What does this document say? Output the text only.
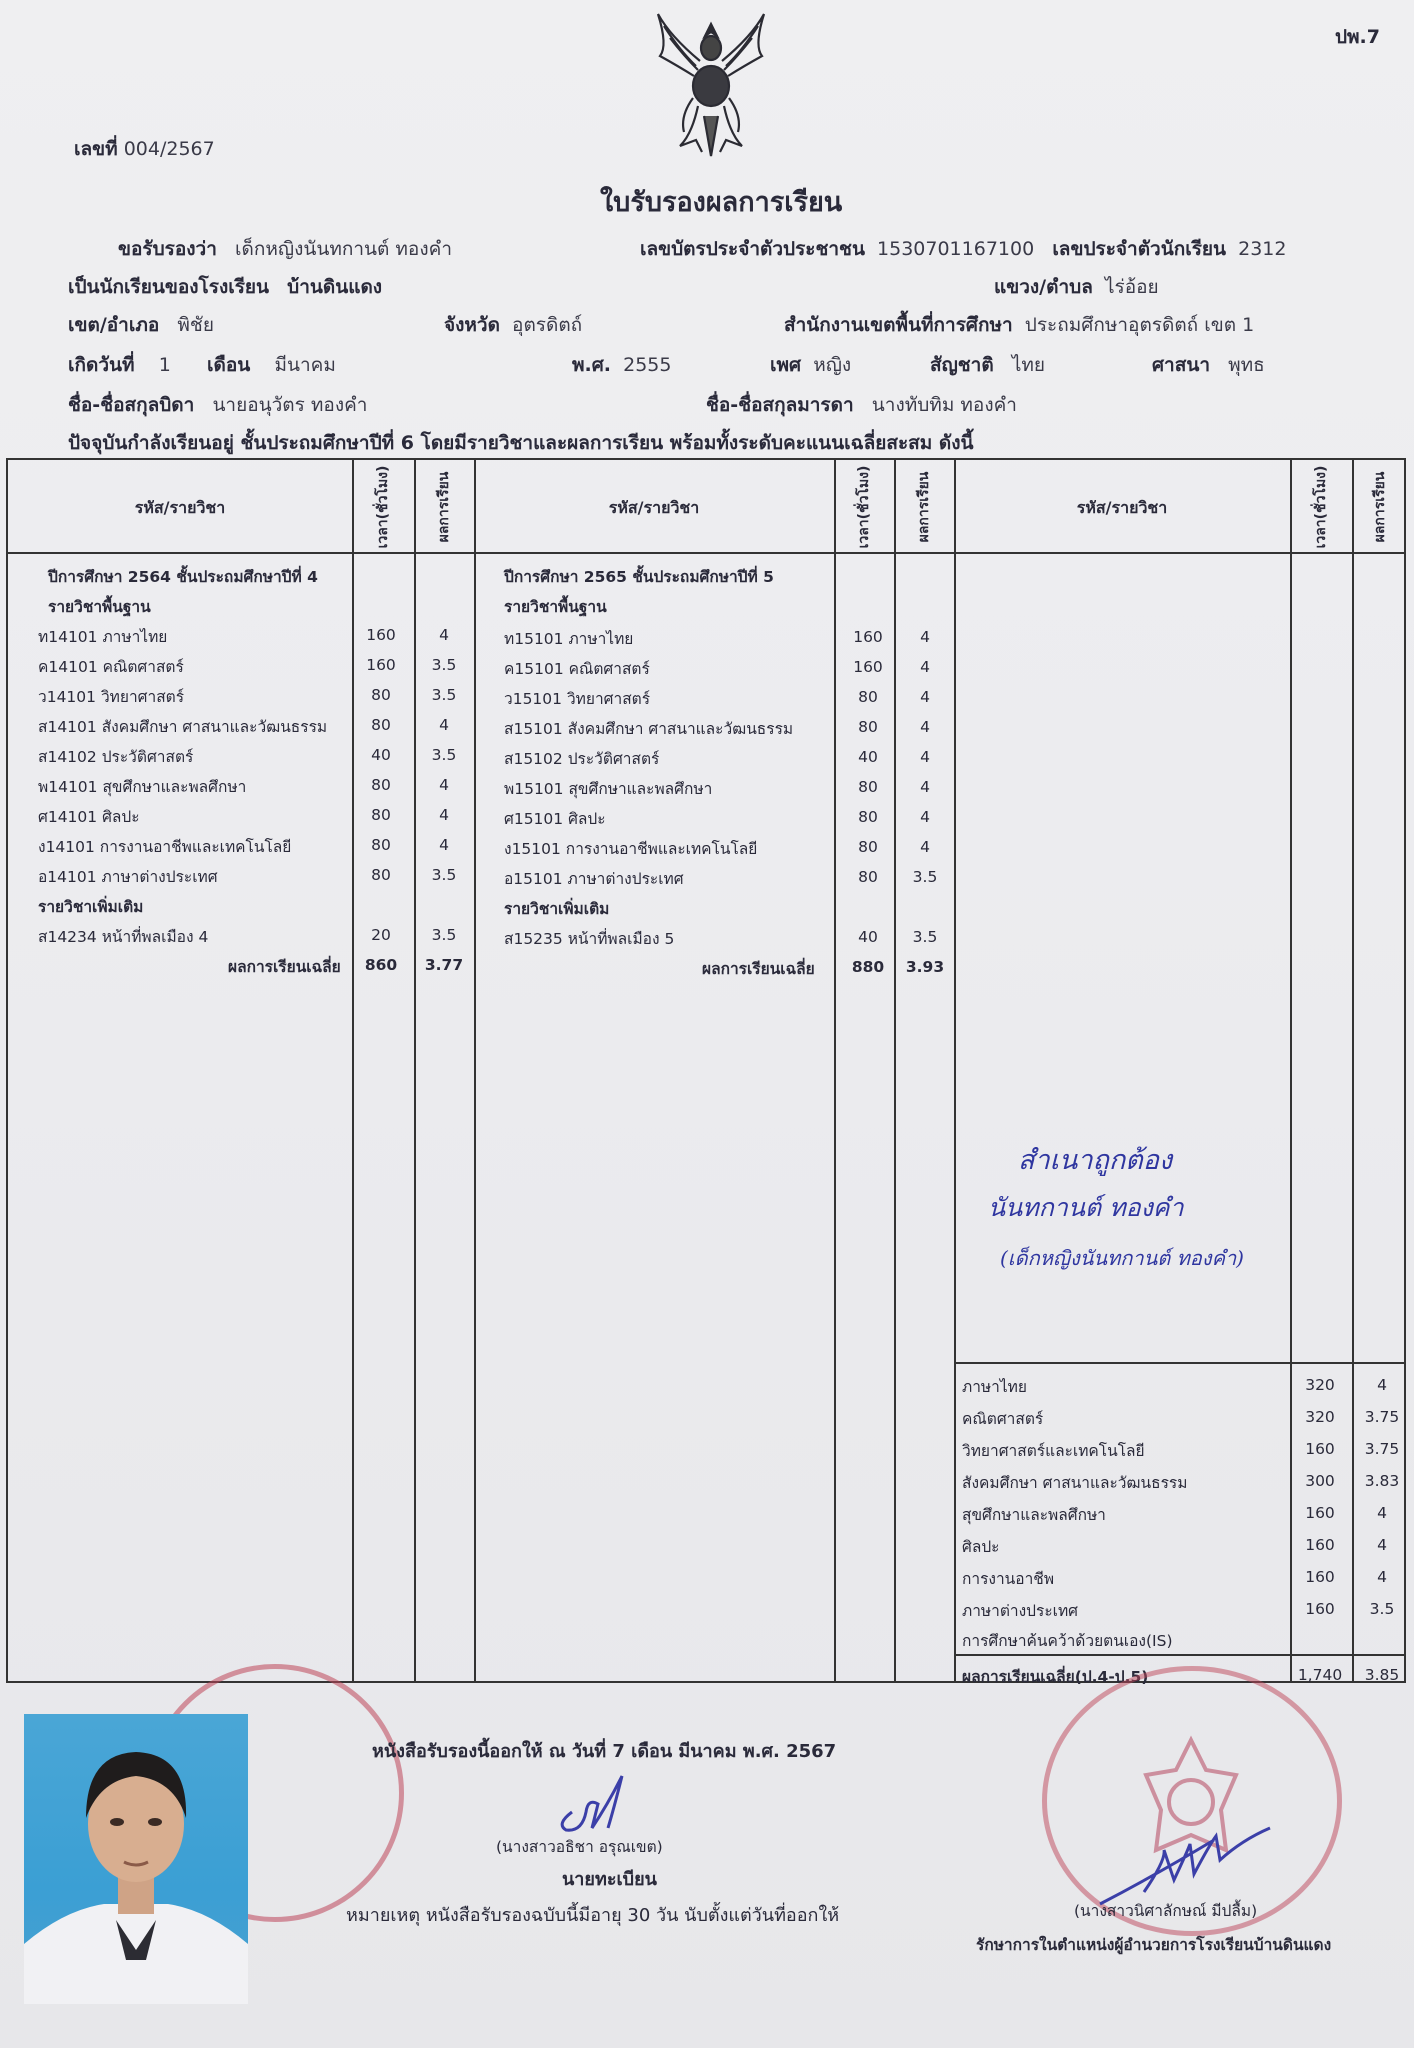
ปพ.7
เลขที่ 004/2567
ใบรับรองผลการเรียน
ขอรับรองว่า เด็กหญิงนันทกานต์ ทองคำ	เลขบัตรประจำตัวประชาชน 1530701167100 เลขประจำตัวนักเรียน 2312
เป็นนักเรียนของโรงเรียน บ้านดินแดง	แขวง/ตำบล ไร่อ้อย
เขต/อำเภอ พิชัย	จังหวัด อุตรดิตถ์	สำนักงานเขตพื้นที่การศึกษา ประถมศึกษาอุตรดิตถ์ เขต 1
เกิดวันที่ 1 เดือน มีนาคม	พ.ศ. 2555	เพศ หญิง	สัญชาติ ไทย	ศาสนา พุทธ
ชื่อ-ชื่อสกุลบิดา นายอนุวัตร ทองคำ	ชื่อ-ชื่อสกุลมารดา นางทับทิม ทองคำ
ปัจจุบันกำลังเรียนอยู่ ชั้นประถมศึกษาปีที่ 6 โดยมีรายวิชาและผลการเรียน พร้อมทั้งระดับคะแนนเฉลี่ยสะสม ดังนี้
รหัส/รายวิชา	เวลา(ชั่วโมง)	ผลการเรียน	รหัส/รายวิชา	เวลา(ชั่วโมง)	ผลการเรียน	รหัส/รายวิชา	เวลา(ชั่วโมง)	ผลการเรียน
ปีการศึกษา 2564 ชั้นประถมศึกษาปีที่ 4
รายวิชาพื้นฐาน
ท14101 ภาษาไทย	160	4
ค14101 คณิตศาสตร์	160	3.5
ว14101 วิทยาศาสตร์	80	3.5
ส14101 สังคมศึกษา ศาสนาและวัฒนธรรม	80	4
ส14102 ประวัติศาสตร์	40	3.5
พ14101 สุขศึกษาและพลศึกษา	80	4
ศ14101 ศิลปะ	80	4
ง14101 การงานอาชีพและเทคโนโลยี	80	4
อ14101 ภาษาต่างประเทศ	80	3.5
รายวิชาเพิ่มเติม
ส14234 หน้าที่พลเมือง 4	20	3.5
ผลการเรียนเฉลี่ย	860	3.77
ปีการศึกษา 2565 ชั้นประถมศึกษาปีที่ 5
รายวิชาพื้นฐาน
ท15101 ภาษาไทย	160	4
ค15101 คณิตศาสตร์	160	4
ว15101 วิทยาศาสตร์	80	4
ส15101 สังคมศึกษา ศาสนาและวัฒนธรรม	80	4
ส15102 ประวัติศาสตร์	40	4
พ15101 สุขศึกษาและพลศึกษา	80	4
ศ15101 ศิลปะ	80	4
ง15101 การงานอาชีพและเทคโนโลยี	80	4
อ15101 ภาษาต่างประเทศ	80	3.5
รายวิชาเพิ่มเติม
ส15235 หน้าที่พลเมือง 5	40	3.5
ผลการเรียนเฉลี่ย	880	3.93
สำเนาถูกต้อง
นันทกานต์ ทองคำ
(เด็กหญิงนันทกานต์ ทองคำ)
ภาษาไทย	320	4
คณิตศาสตร์	320	3.75
วิทยาศาสตร์และเทคโนโลยี	160	3.75
สังคมศึกษา ศาสนาและวัฒนธรรม	300	3.83
สุขศึกษาและพลศึกษา	160	4
ศิลปะ	160	4
การงานอาชีพ	160	4
ภาษาต่างประเทศ	160	3.5
การศึกษาค้นคว้าด้วยตนเอง(IS)
ผลการเรียนเฉลี่ย(ป.4-ป.5)	1,740	3.85
หนังสือรับรองนี้ออกให้ ณ วันที่ 7 เดือน มีนาคม พ.ศ. 2567
(นางสาวอธิชา อรุณเขต)
นายทะเบียน
หมายเหตุ หนังสือรับรองฉบับนี้มีอายุ 30 วัน นับตั้งแต่วันที่ออกให้	(นางสาวนิศาลักษณ์ มีปลื้ม)
รักษาการในตำแหน่งผู้อำนวยการโรงเรียนบ้านดินแดง
